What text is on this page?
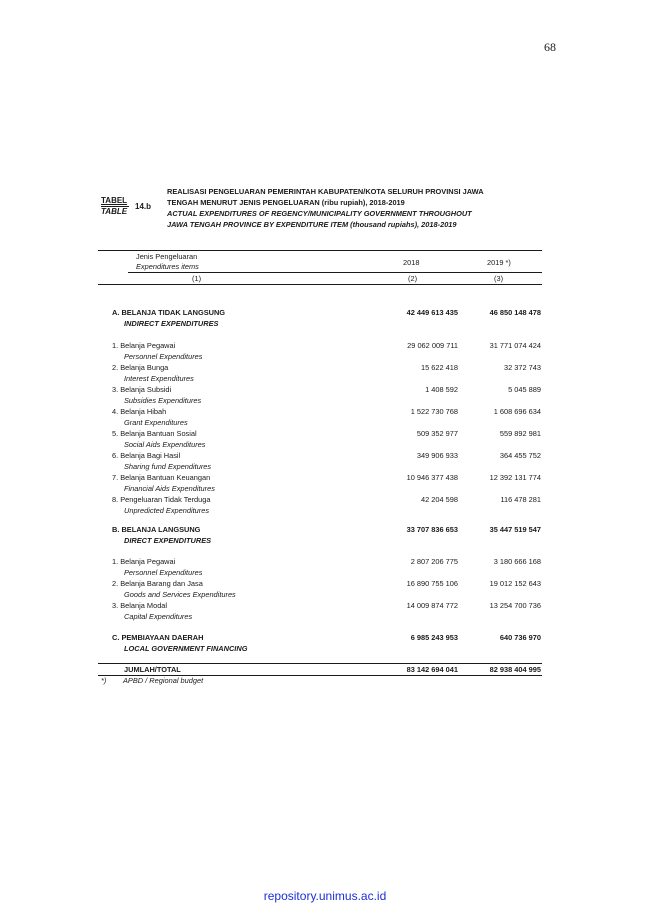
68
TABEL
TABLE
14.b
REALISASI PENGELUARAN PEMERINTAH KABUPATEN/KOTA SELURUH PROVINSI JAWA
TENGAH MENURUT JENIS PENGELUARAN (ribu rupiah), 2018-2019
ACTUAL EXPENDITURES OF REGENCY/MUNICIPALITY GOVERNMENT THROUGHOUT
JAWA TENGAH PROVINCE BY EXPENDITURE ITEM (thousand rupiahs), 2018-2019
Jenis Pengeluaran
Expenditures items
(1)
2018
(2)
2019 *)
(3)
A. BELANJA TIDAK LANGSUNG
INDIRECT EXPENDITURES
42 449 613 435	46 850 148 478
1. Belanja Pegawai
Personnel Expenditures
29 062 009 711	31 771 074 424
2. Belanja Bunga
Interest Expenditures
15 622 418	32 372 743
3. Belanja Subsidi
Subsidies Expenditures
1 408 592	5 045 889
4. Belanja Hibah
Grant Expenditures
1 522 730 768	1 608 696 634
5. Belanja Bantuan Sosial
Social Aids Expenditures
509 352 977	559 892 981
6. Belanja Bagi Hasil
Sharing fund Expenditures
349 906 933	364 455 752
7. Belanja Bantuan Keuangan
Financial Aids Expenditures
10 946 377 438	12 392 131 774
8. Pengeluaran Tidak Terduga
Unpredicted Expenditures
42 204 598	116 478 281
B. BELANJA LANGSUNG
DIRECT EXPENDITURES
33 707 836 653	35 447 519 547
1. Belanja Pegawai
Personnel Expenditures
2 807 206 775	3 180 666 168
2. Belanja Barang dan Jasa
Goods and Services Expenditures
16 890 755 106	19 012 152 643
3. Belanja Modal
Capital Expenditures
14 009 874 772	13 254 700 736
C. PEMBIAYAAN DAERAH
LOCAL GOVERNMENT FINANCING
6 985 243 953	640 736 970
JUMLAH/TOTAL	83 142 694 041	82 938 404 995
*) APBD / Regional budget
repository.unimus.ac.id
